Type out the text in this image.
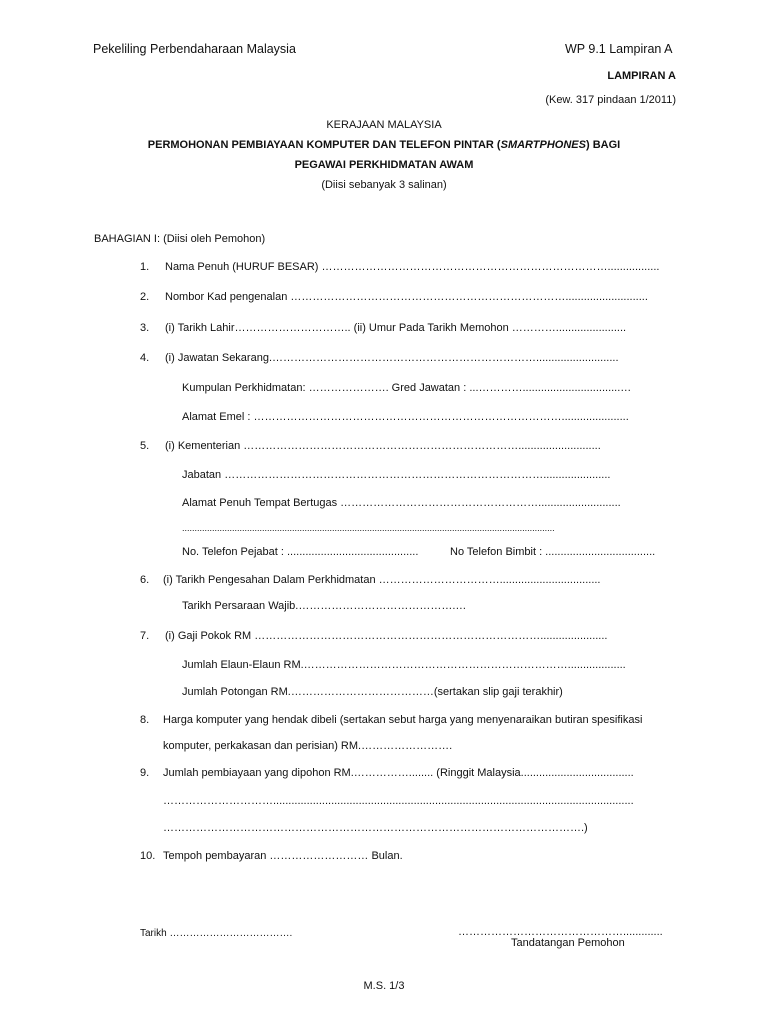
Pekeliling Perbendaharaan Malaysia	WP 9.1 Lampiran A
LAMPIRAN A
(Kew. 317 pindaan 1/2011)
KERAJAAN MALAYSIA
PERMOHONAN PEMBIAYAAN KOMPUTER DAN TELEFON PINTAR (SMARTPHONES) BAGI
PEGAWAI PERKHIDMATAN AWAM
(Diisi sebanyak 3 salinan)
BAHAGIAN I: (Diisi oleh Pemohon)
1. Nama Penuh (HURUF BESAR) …………………………………………………………………….................
2. Nombor Kad pengenalan …………………………………………………………………...........................
3. (i) Tarikh Lahir………………………….. (ii) Umur Pada Tarikh Memohon ………….......................
4. (i) Jawatan Sekarang.………………………………………………………………...........................
Kumpulan Perkhidmatan: …………………. Gred Jawatan : ...…………................................…
Alamat Emel : …………………………………………………………………………......................
5. (i) Kementerian …………………………………………………………………...........................
Jabatan ……………………………………………………………………………......................
Alamat Penuh Tempat Bertugas ………………………………………………...........................
.....................................................................................................................................................
No. Telefon Pejabat : ...........................................	No Telefon Bimbit : ....................................
6. (i) Tarikh Pengesahan Dalam Perkhidmatan …………………………….................................
Tarikh Persaraan Wajib.…………………………………….…
7. (i) Gaji Pokok RM ……………………………………………………………………......................
Jumlah Elaun-Elaun RM.………………………………………………………………...................
Jumlah Potongan RM.…………………………………(sertakan slip gaji terakhir)
8. Harga komputer yang hendak dibeli (sertakan sebut harga yang menyenaraikan butiran spesifikasi
komputer, perkakasan dan perisian) RM.…………………….
9. Jumlah pembiayaan yang dipohon RM.……………........ (Ringgit Malaysia.....................................
…………………………......................................................................................................................
…………………………………………………………………………………………………….)
10. Tempoh pembayaran ……………………… Bulan.
Tarikh ……………………………….	……………………………………….............
Tandatangan Pemohon
M.S. 1/3
